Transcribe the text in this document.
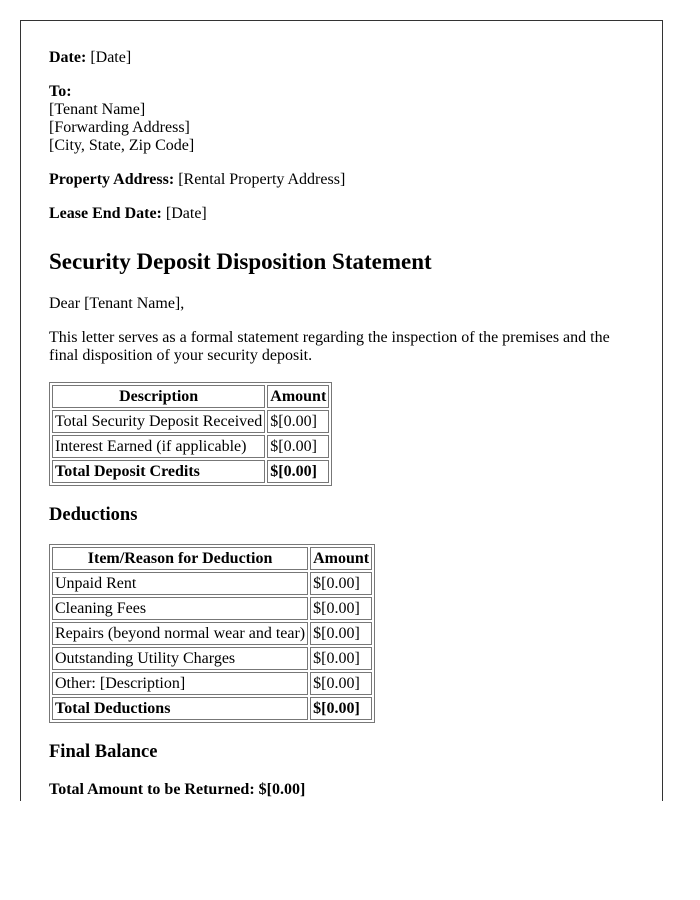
Date: [Date]

To:
[Tenant Name]
[Forwarding Address]
[City, State, Zip Code]

Property Address: [Rental Property Address]

Lease End Date: [Date]

Security Deposit Disposition Statement

Dear [Tenant Name],

This letter serves as a formal statement regarding the inspection of the premises and the final disposition of your security deposit.

Description	Amount
Total Security Deposit Received	$[0.00]
Interest Earned (if applicable)	$[0.00]
Total Deposit Credits	$[0.00]
Deductions
Item/Reason for Deduction	Amount
Unpaid Rent	$[0.00]
Cleaning Fees	$[0.00]
Repairs (beyond normal wear and tear)	$[0.00]
Outstanding Utility Charges	$[0.00]
Other: [Description]	$[0.00]
Total Deductions	$[0.00]
Final Balance

Total Amount to be Returned: $[0.00]
